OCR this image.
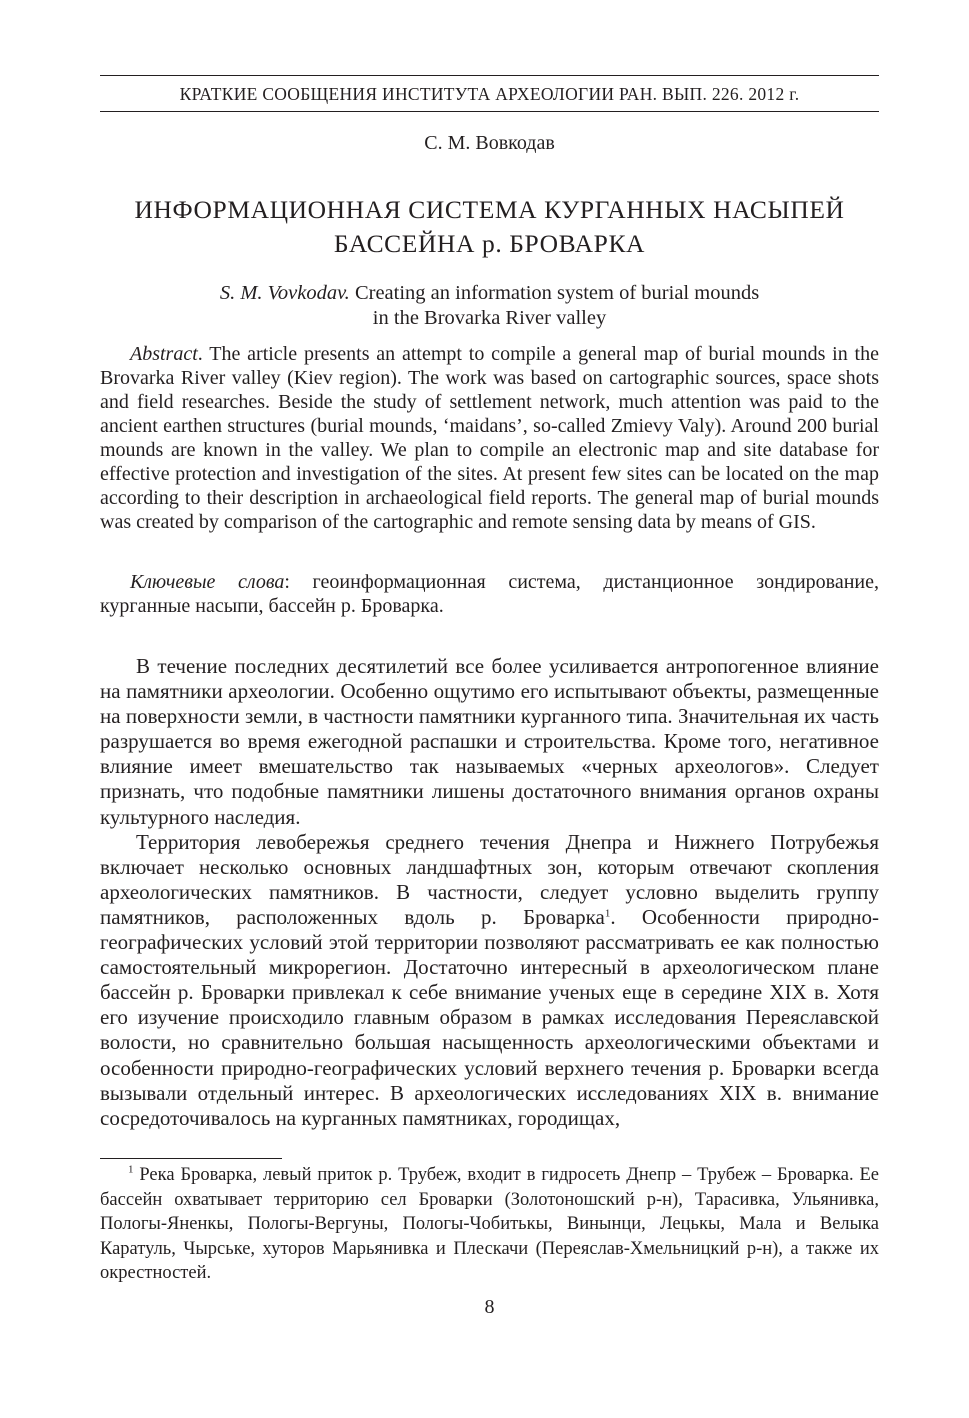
КРАТКИЕ СООБЩЕНИЯ ИНСТИТУТА АРХЕОЛОГИИ РАН. ВЫП. 226. 2012 г.
С. М. Вовкодав
ИНФОРМАЦИОННАЯ СИСТЕМА КУРГАННЫХ НАСЫПЕЙ
БАССЕЙНА р. БРОВАРКА
S. M. Vovkodav. Creating an information system of burial mounds
in the Brovarka River valley

Abstract. The article presents an attempt to compile a general map of burial mounds in the Brovarka River valley (Kiev region). The work was based on cartographic sources, space shots and field researches. Beside the study of settlement network, much attention was paid to the ancient earthen structures (burial mounds, ‘maidans’, so-called Zmievy Valy). Around 200 burial mounds are known in the valley. We plan to compile an electronic map and site database for effective protection and investigation of the sites. At present few sites can be located on the map according to their description in archaeological field reports. The general map of burial mounds was created by comparison of the cartographic and remote sensing data by means of GIS.

Ключевые слова: геоинформационная система, дистанционное зондирование, курганные насыпи, бассейн р. Броварка.

В течение последних десятилетий все более усиливается антропогенное влияние на памятники археологии. Особенно ощутимо его испытывают объекты, размещенные на поверхности земли, в частности памятники курганного типа. Значительная их часть разрушается во время ежегодной распашки и строительства. Кроме того, негативное влияние имеет вмешательство так называемых «черных археологов». Следует признать, что подобные памятники лишены достаточного внимания органов охраны культурного наследия.

Территория левобережья среднего течения Днепра и Нижнего Потрубежья включает несколько основных ландшафтных зон, которым отвечают скопления археологических памятников. В частности, следует условно выделить группу памятников, расположенных вдоль р. Броварка$^1$. Особенности природно-географических условий этой территории позволяют рассматривать ее как полностью самостоятельный микрорегион. Достаточно интересный в археологическом плане бассейн р. Броварки привлекал к себе внимание ученых еще в середине XIX в. Хотя его изучение происходило главным образом в рамках исследования Переяславской волости, но сравнительно большая насыщенность археологическими объектами и особенности природно-географических условий верхнего течения р. Броварки всегда вызывали отдельный интерес. В археологических исследованиях XIX в. внимание сосредоточивалось на курганных памятниках, городищах,

$^1$ Река Броварка, левый приток р. Трубеж, входит в гидросеть Днепр – Трубеж – Броварка. Ее бассейн охватывает территорию сел Броварки (Золотоношский р-н), Тарасивка, Ульянивка, Пологы-Яненкы, Пологы-Вергуны, Пологы-Чобитькы, Винынци, Лецькы, Мала и Велыка Каратуль, Чырське, хуторов Марьянивка и Плескачи (Переяслав-Хмельницкий р-н), а также их окрестностей.

8
